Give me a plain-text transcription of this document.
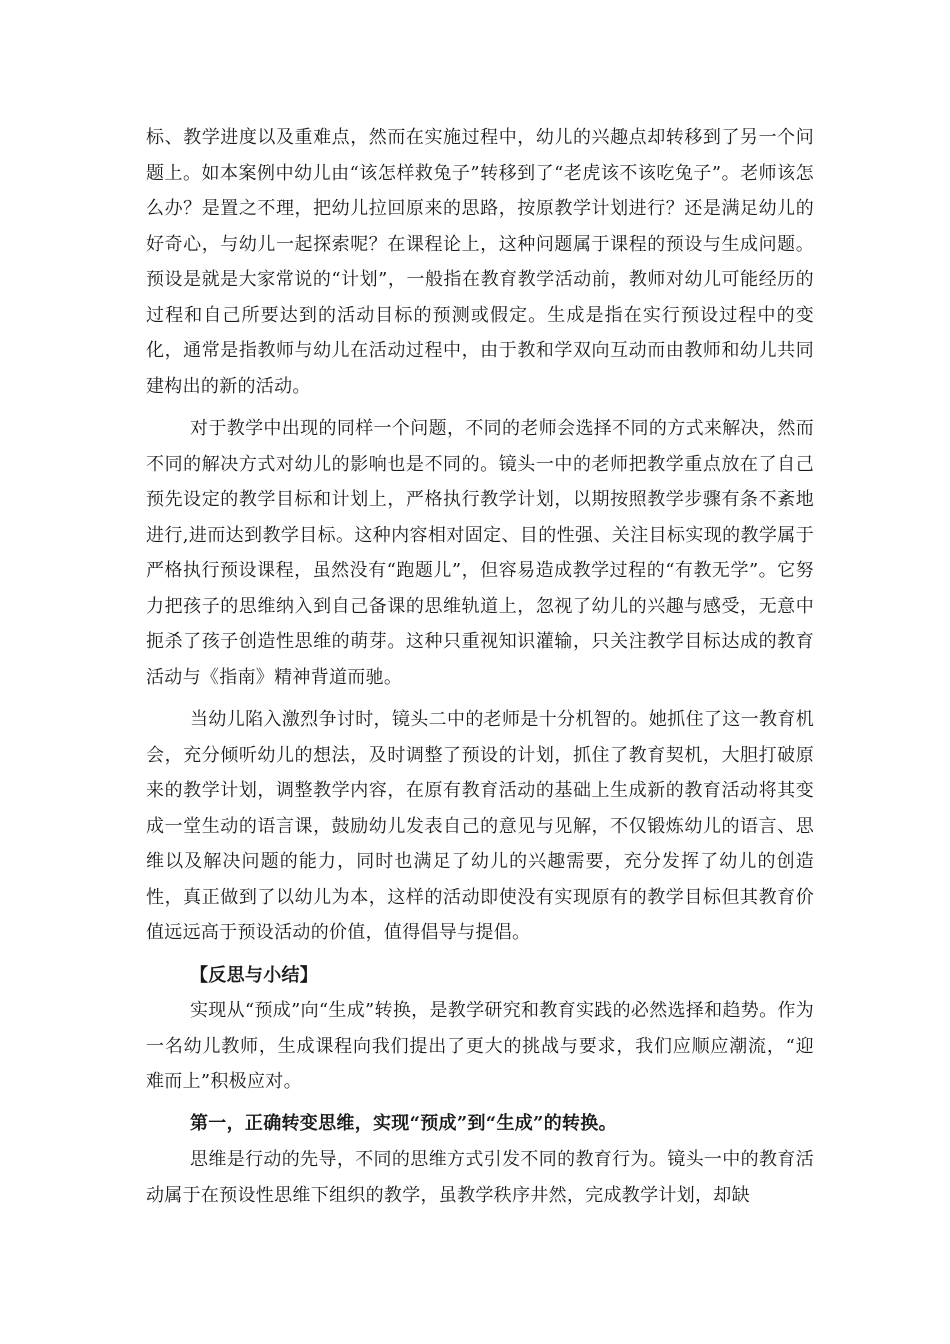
标、教学进度以及重难点，然而在实施过程中，幼儿的兴趣点却转移到了另一个问题上。如本案例中幼儿由“该怎样救兔子”转移到了“老虎该不该吃兔子”。老师该怎么办？是置之不理，把幼儿拉回原来的思路，按原教学计划进行？还是满足幼儿的好奇心，与幼儿一起探索呢？在课程论上，这种问题属于课程的预设与生成问题。预设是就是大家常说的“计划”，一般指在教育教学活动前，教师对幼儿可能经历的过程和自己所要达到的活动目标的预测或假定。生成是指在实行预设过程中的变化，通常是指教师与幼儿在活动过程中，由于教和学双向互动而由教师和幼儿共同建构出的新的活动。

对于教学中出现的同样一个问题，不同的老师会选择不同的方式来解决，然而不同的解决方式对幼儿的影响也是不同的。镜头一中的老师把教学重点放在了自己预先设定的教学目标和计划上，严格执行教学计划，以期按照教学步骤有条不紊地进行,进而达到教学目标。这种内容相对固定、目的性强、关注目标实现的教学属于严格执行预设课程，虽然没有“跑题儿”，但容易造成教学过程的“有教无学”。它努力把孩子的思维纳入到自己备课的思维轨道上，忽视了幼儿的兴趣与感受，无意中扼杀了孩子创造性思维的萌芽。这种只重视知识灌输，只关注教学目标达成的教育活动与《指南》精神背道而驰。

当幼儿陷入激烈争讨时，镜头二中的老师是十分机智的。她抓住了这一教育机会，充分倾听幼儿的想法，及时调整了预设的计划，抓住了教育契机，大胆打破原来的教学计划，调整教学内容，在原有教育活动的基础上生成新的教育活动将其变成一堂生动的语言课，鼓励幼儿发表自己的意见与见解，不仅锻炼幼儿的语言、思维以及解决问题的能力，同时也满足了幼儿的兴趣需要，充分发挥了幼儿的创造性，真正做到了以幼儿为本，这样的活动即使没有实现原有的教学目标但其教育价值远远高于预设活动的价值，值得倡导与提倡。

【反思与小结】

实现从“预成”向“生成”转换，是教学研究和教育实践的必然选择和趋势。作为一名幼儿教师，生成课程向我们提出了更大的挑战与要求，我们应顺应潮流，“迎难而上”积极应对。

第一，正确转变思维，实现“预成”到“生成”的转换。

思维是行动的先导，不同的思维方式引发不同的教育行为。镜头一中的教育活动属于在预设性思维下组织的教学，虽教学秩序井然，完成教学计划，却缺
